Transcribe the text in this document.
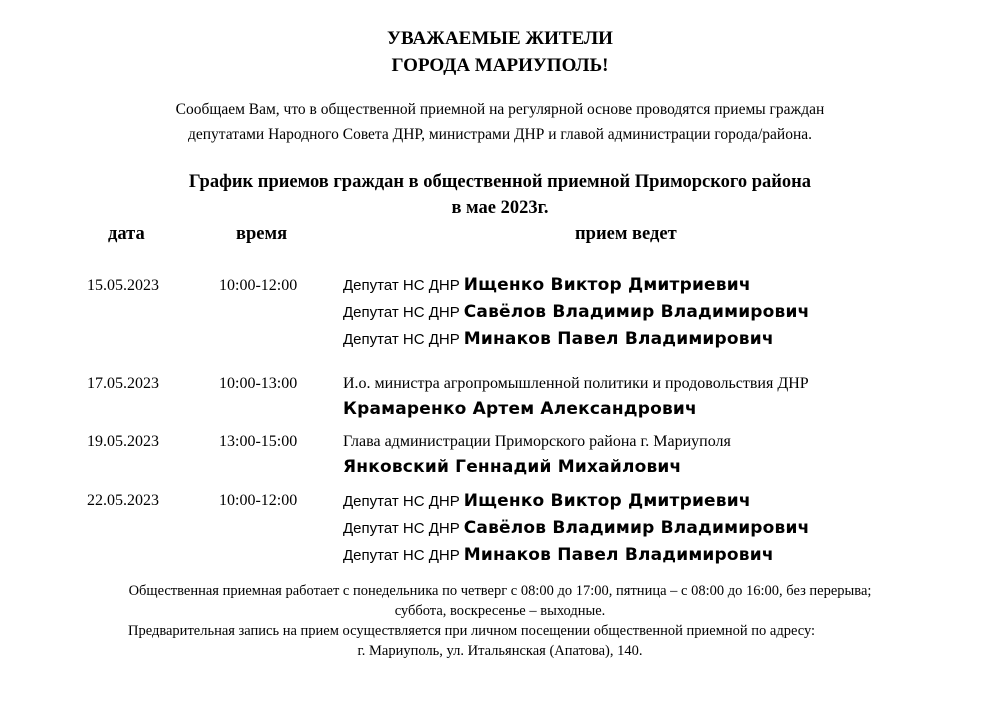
УВАЖАЕМЫЕ ЖИТЕЛИ
ГОРОДА МАРИУПОЛЬ!
Сообщаем Вам, что в общественной приемной на регулярной основе проводятся приемы граждан
депутатами Народного Совета ДНР, министрами ДНР и главой администрации города/района.
График приемов граждан в общественной приемной Приморского района
в мае 2023г.
дата	время	прием ведет
15.05.2023	10:00-12:00	Депутат НС ДНР Ищенко Виктор Дмитриевич
Депутат НС ДНР Савёлов Владимир Владимирович
Депутат НС ДНР Минаков Павел Владимирович
17.05.2023	10:00-13:00	И.о. министра агропромышленной политики и продовольствия ДНР
Крамаренко Артем Александрович
19.05.2023	13:00-15:00	Глава администрации Приморского района г. Мариуполя
Янковский Геннадий Михайлович
22.05.2023	10:00-12:00	Депутат НС ДНР Ищенко Виктор Дмитриевич
Депутат НС ДНР Савёлов Владимир Владимирович
Депутат НС ДНР Минаков Павел Владимирович
Общественная приемная работает с понедельника по четверг с 08:00 до 17:00, пятница – с 08:00 до 16:00, без перерыва;
суббота, воскресенье – выходные.
Предварительная запись на прием осуществляется при личном посещении общественной приемной по адресу:
г. Мариуполь, ул. Итальянская (Апатова), 140.
